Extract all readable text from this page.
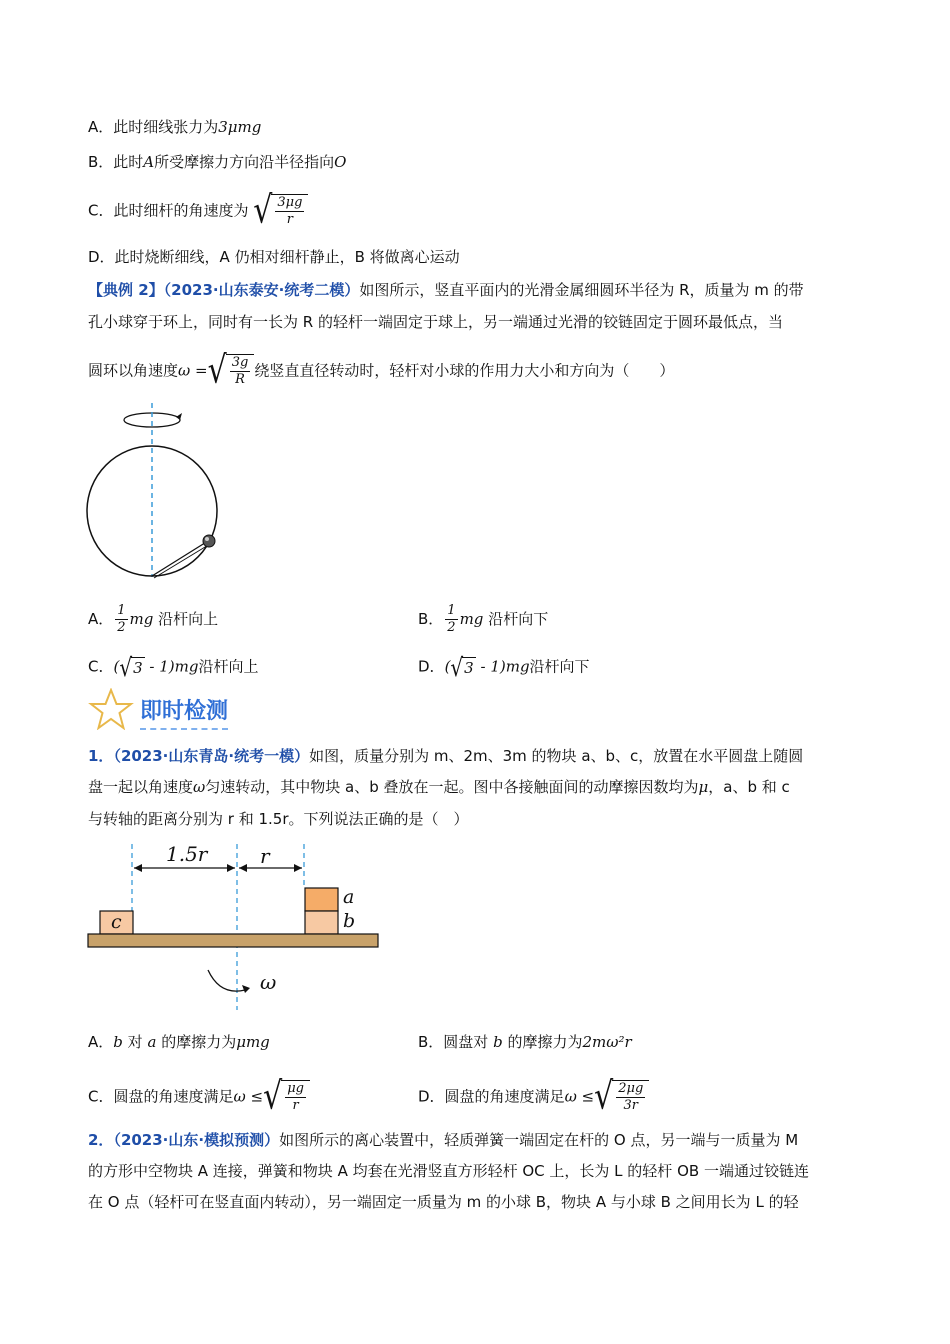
A．此时细线张力为3μmg
B．此时A所受摩擦力方向沿半径指向O
C．此时细杆的角速度为 √ $\frac{3\mu g}{r}$
D．此时烧断细线，A 仍相对细杆静止，B 将做离心运动
【典例 2】（2023·山东泰安·统考二模）如图所示，竖直平面内的光滑金属细圆环半径为 R，质量为 m 的带
孔小球穿于环上，同时有一长为 R 的轻杆一端固定于球上，另一端通过光滑的铰链固定于圆环最低点，当
圆环以角速度ω = √ $\frac{3g}{R}$ 绕竖直直径转动时，轻杆对小球的作用力大小和方向为（　　）
A． $\frac{1}{2}$ mg 沿杆向上	B． $\frac{1}{2}$ mg 沿杆向下
C．( √ 3 - 1)mg沿杆向上	D．( √ 3 - 1)mg沿杆向下
即时检测
1．（2023·山东青岛·统考一模）如图，质量分别为 m、2m、3m 的物块 a、b、c，放置在水平圆盘上随圆
盘一起以角速度ω匀速转动，其中物块 a、b 叠放在一起。图中各接触面间的动摩擦因数均为μ，a、b 和 c
与转轴的距离分别为 r 和 1.5r。下列说法正确的是（　）
1.5r	r
a
b
c
ω
A．b 对 a 的摩擦力为μmg	B．圆盘对 b 的摩擦力为2mω²r
C．圆盘的角速度满足ω ≤ √ $\frac{\mu g}{r}$	D．圆盘的角速度满足ω ≤ √ $\frac{2\mu g}{3r}$
2．（2023·山东·模拟预测）如图所示的离心装置中，轻质弹簧一端固定在杆的 O 点，另一端与一质量为 M
的方形中空物块 A 连接，弹簧和物块 A 均套在光滑竖直方形轻杆 OC 上，长为 L 的轻杆 OB 一端通过铰链连
在 O 点（轻杆可在竖直面内转动），另一端固定一质量为 m 的小球 B，物块 A 与小球 B 之间用长为 L 的轻
